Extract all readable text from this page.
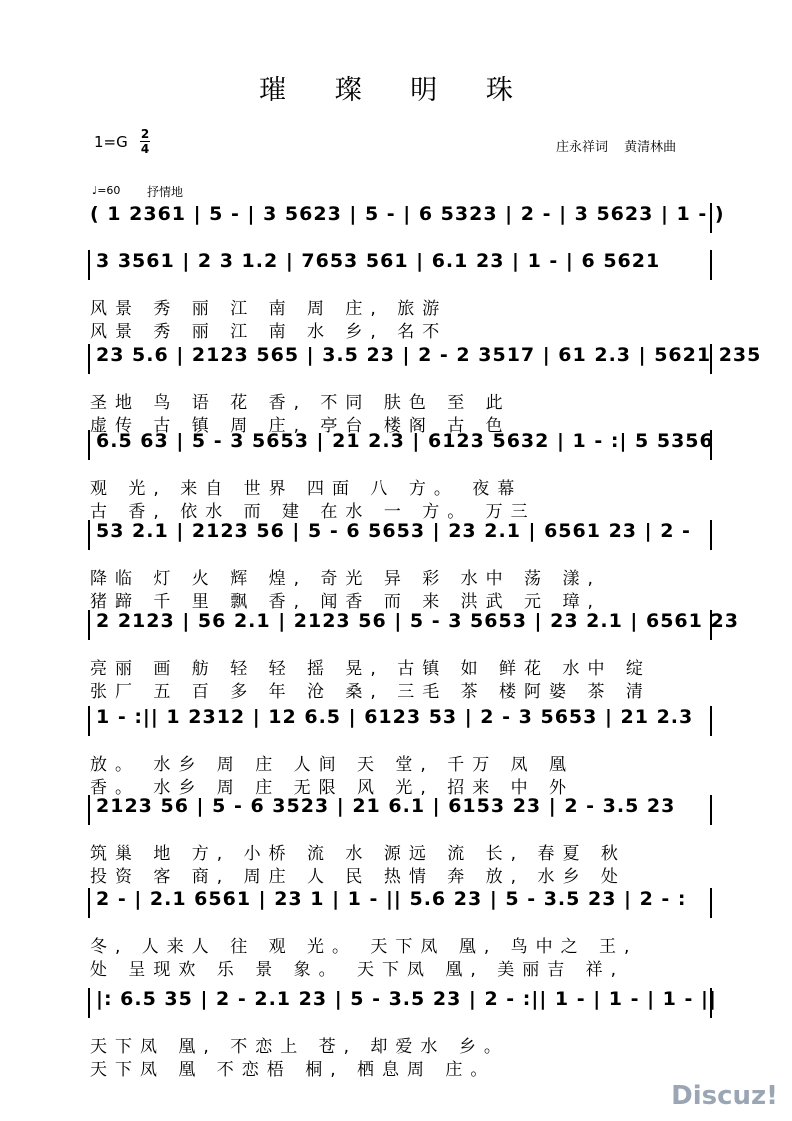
璀 璨 明 珠
1=G 2
4	庄永祥词 黄清林曲
♩=60 抒情地
( 1 2361 | 5 - | 3 5623 | 5 - | 6 5323 | 2 - | 3 5623 | 1 - )
3 3561 | 2 3 1.2 | 7653 561 | 6.1 23 | 1 - | 6 5621
风景 秀 丽 江 南 周 庄, 旅游
风景 秀 丽 江 南 水 乡, 名不
23 5.6 | 2123 565 | 3.5 23 | 2 - 2 3517 | 61 2.3 | 5621 235
圣地 鸟 语 花 香, 不同 肤色 至 此
虚传 古 镇 周 庄, 亭台 楼阁 古 色
6.5 63 | 5 - 3 5653 | 21 2.3 | 6123 5632 | 1 - :| 5 5356
观 光, 来自 世界 四面 八 方。 夜幕
古 香, 依水 而 建 在水 一 方。 万三
53 2.1 | 2123 56 | 5 - 6 5653 | 23 2.1 | 6561 23 | 2 -
降临 灯 火 辉 煌, 奇光 异 彩 水中 荡 漾,
猪蹄 千 里 飘 香, 闻香 而 来 洪武 元 璋,
2 2123 | 56 2.1 | 2123 56 | 5 - 3 5653 | 23 2.1 | 6561 23
亮丽 画 舫 轻 轻 摇 晃, 古镇 如 鲜花 水中 绽
张厂 五 百 多 年 沧 桑, 三毛 茶 楼阿婆 茶 清
1 - :|| 1 2312 | 12 6.5 | 6123 53 | 2 - 3 5653 | 21 2.3
放。 水乡 周 庄 人间 天 堂, 千万 凤 凰
香。 水乡 周 庄 无限 风 光, 招来 中 外
2123 56 | 5 - 6 3523 | 21 6.1 | 6153 23 | 2 - 3.5 23
筑巢 地 方, 小桥 流 水 源远 流 长, 春夏 秋
投资 客 商, 周庄 人 民 热情 奔 放, 水乡 处
2 - | 2.1 6561 | 23 1 | 1 - || 5.6 23 | 5 - 3.5 23 | 2 - :
冬, 人来人 往 观 光。 天下凤 凰, 鸟中之 王,
处 呈现欢 乐 景 象。 天下凤 凰, 美丽吉 祥,
|: 6.5 35 | 2 - 2.1 23 | 5 - 3.5 23 | 2 - :|| 1 - | 1 - | 1 - ||
天下凤 凰, 不恋上 苍, 却爱水 乡。
天下凤 凰 不恋梧 桐, 栖息周 庄。
Discuz!
